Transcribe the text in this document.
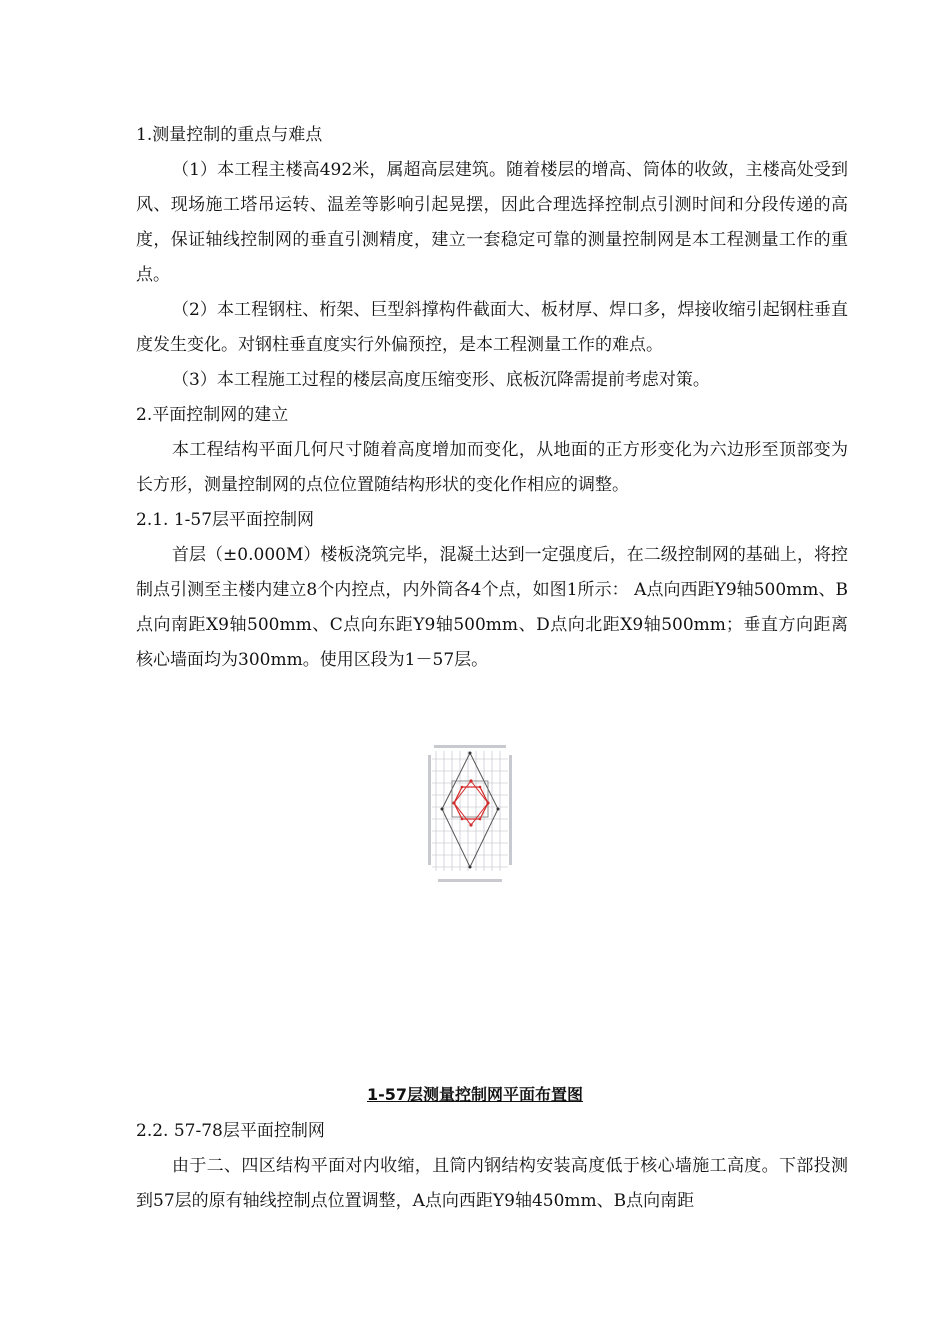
1.测量控制的重点与难点

（1）本工程主楼高492米，属超高层建筑。随着楼层的增高、筒体的收敛，主楼高处受到风、现场施工塔吊运转、温差等影响引起晃摆，因此合理选择控制点引测时间和分段传递的高度，保证轴线控制网的垂直引测精度，建立一套稳定可靠的测量控制网是本工程测量工作的重点。

（2）本工程钢柱、桁架、巨型斜撑构件截面大、板材厚、焊口多，焊接收缩引起钢柱垂直度发生变化。对钢柱垂直度实行外偏预控，是本工程测量工作的难点。

（3）本工程施工过程的楼层高度压缩变形、底板沉降需提前考虑对策。

2.平面控制网的建立

本工程结构平面几何尺寸随着高度增加而变化，从地面的正方形变化为六边形至顶部变为长方形，测量控制网的点位位置随结构形状的变化作相应的调整。

2.1. 1-57层平面控制网

首层（±0.000M）楼板浇筑完毕，混凝土达到一定强度后，在二级控制网的基础上，将控制点引测至主楼内建立8个内控点，内外筒各4个点，如图1所示： A点向西距Y9轴500mm、B点向南距X9轴500mm、C点向东距Y9轴500mm、D点向北距X9轴500mm；垂直方向距离核心墙面均为300mm。使用区段为1－57层。

1-57层测量控制网平面布置图

2.2. 57-78层平面控制网

由于二、四区结构平面对内收缩，且筒内钢结构安装高度低于核心墙施工高度。下部投测到57层的原有轴线控制点位置调整，A点向西距Y9轴450mm、B点向南距
